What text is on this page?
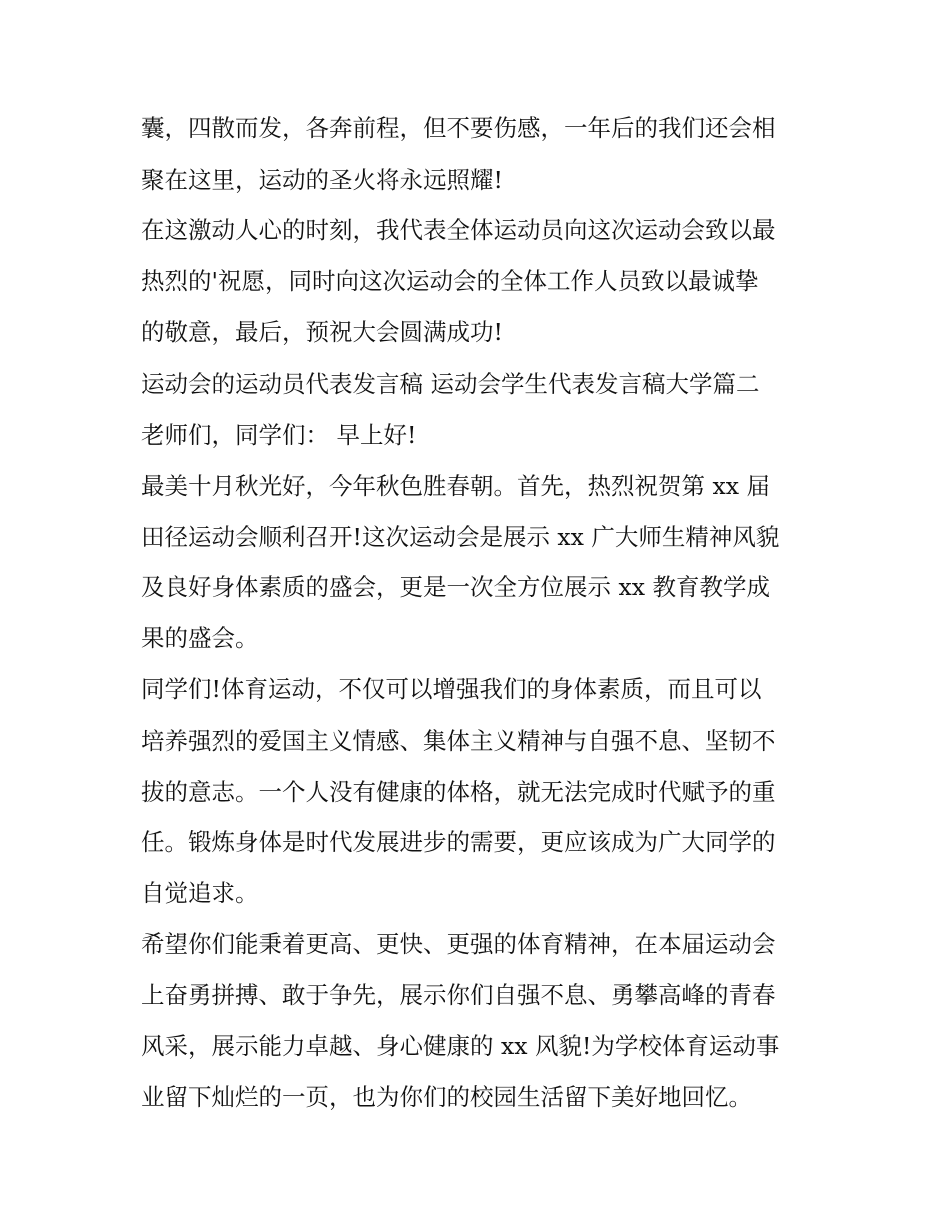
囊，四散而发，各奔前程，但不要伤感，一年后的我们还会相
聚在这里，运动的圣火将永远照耀!
在这激动人心的时刻，我代表全体运动员向这次运动会致以最
热烈的'祝愿，同时向这次运动会的全体工作人员致以最诚挚
的敬意，最后，预祝大会圆满成功!
运动会的运动员代表发言稿 运动会学生代表发言稿大学篇二
老师们，同学们： 早上好!
最美十月秋光好，今年秋色胜春朝。首先，热烈祝贺第 xx 届
田径运动会顺利召开!这次运动会是展示 xx 广大师生精神风貌
及良好身体素质的盛会，更是一次全方位展示 xx 教育教学成
果的盛会。
同学们!体育运动，不仅可以增强我们的身体素质，而且可以
培养强烈的爱国主义情感、集体主义精神与自强不息、坚韧不
拔的意志。一个人没有健康的体格，就无法完成时代赋予的重
任。锻炼身体是时代发展进步的需要，更应该成为广大同学的
自觉追求。
希望你们能秉着更高、更快、更强的体育精神，在本届运动会
上奋勇拼搏、敢于争先，展示你们自强不息、勇攀高峰的青春
风采，展示能力卓越、身心健康的 xx 风貌!为学校体育运动事
业留下灿烂的一页，也为你们的校园生活留下美好地回忆。
